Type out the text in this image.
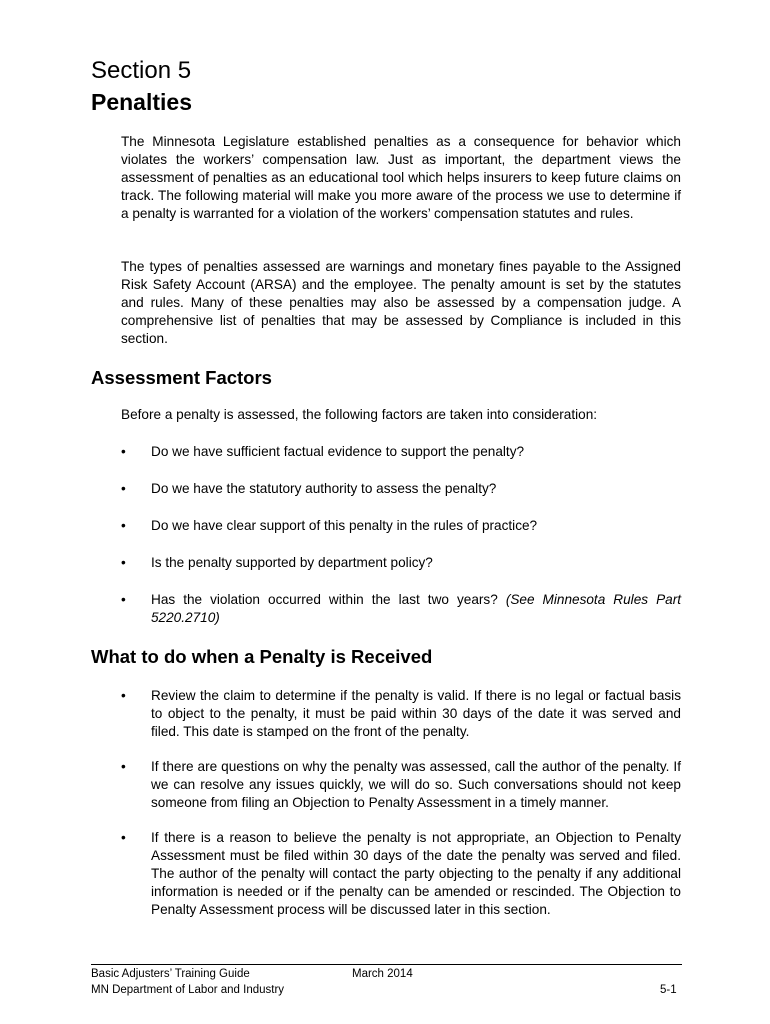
Section 5
Penalties

The Minnesota Legislature established penalties as a consequence for behavior which violates the workers’ compensation law. Just as important, the department views the assessment of penalties as an educational tool which helps insurers to keep future claims on track. The following material will make you more aware of the process we use to determine if a penalty is warranted for a violation of the workers’ compensation statutes and rules.

The types of penalties assessed are warnings and monetary fines payable to the Assigned Risk Safety Account (ARSA) and the employee. The penalty amount is set by the statutes and rules. Many of these penalties may also be assessed by a compensation judge. A comprehensive list of penalties that may be assessed by Compliance is included in this section.

Assessment Factors

Before a penalty is assessed, the following factors are taken into consideration:

• Do we have sufficient factual evidence to support the penalty?
• Do we have the statutory authority to assess the penalty?
• Do we have clear support of this penalty in the rules of practice?
• Is the penalty supported by department policy?
• Has the violation occurred within the last two years? (See Minnesota Rules Part 5220.2710)
What to do when a Penalty is Received
• Review the claim to determine if the penalty is valid. If there is no legal or factual basis to object to the penalty, it must be paid within 30 days of the date it was served and filed. This date is stamped on the front of the penalty.
• If there are questions on why the penalty was assessed, call the author of the penalty. If we can resolve any issues quickly, we will do so. Such conversations should not keep someone from filing an Objection to Penalty Assessment in a timely manner.
• If there is a reason to believe the penalty is not appropriate, an Objection to Penalty Assessment must be filed within 30 days of the date the penalty was served and filed. The author of the penalty will contact the party objecting to the penalty if any additional information is needed or if the penalty can be amended or rescinded. The Objection to Penalty Assessment process will be discussed later in this section.
Basic Adjusters’ Training Guide	March 2014
MN Department of Labor and Industry	5-1
